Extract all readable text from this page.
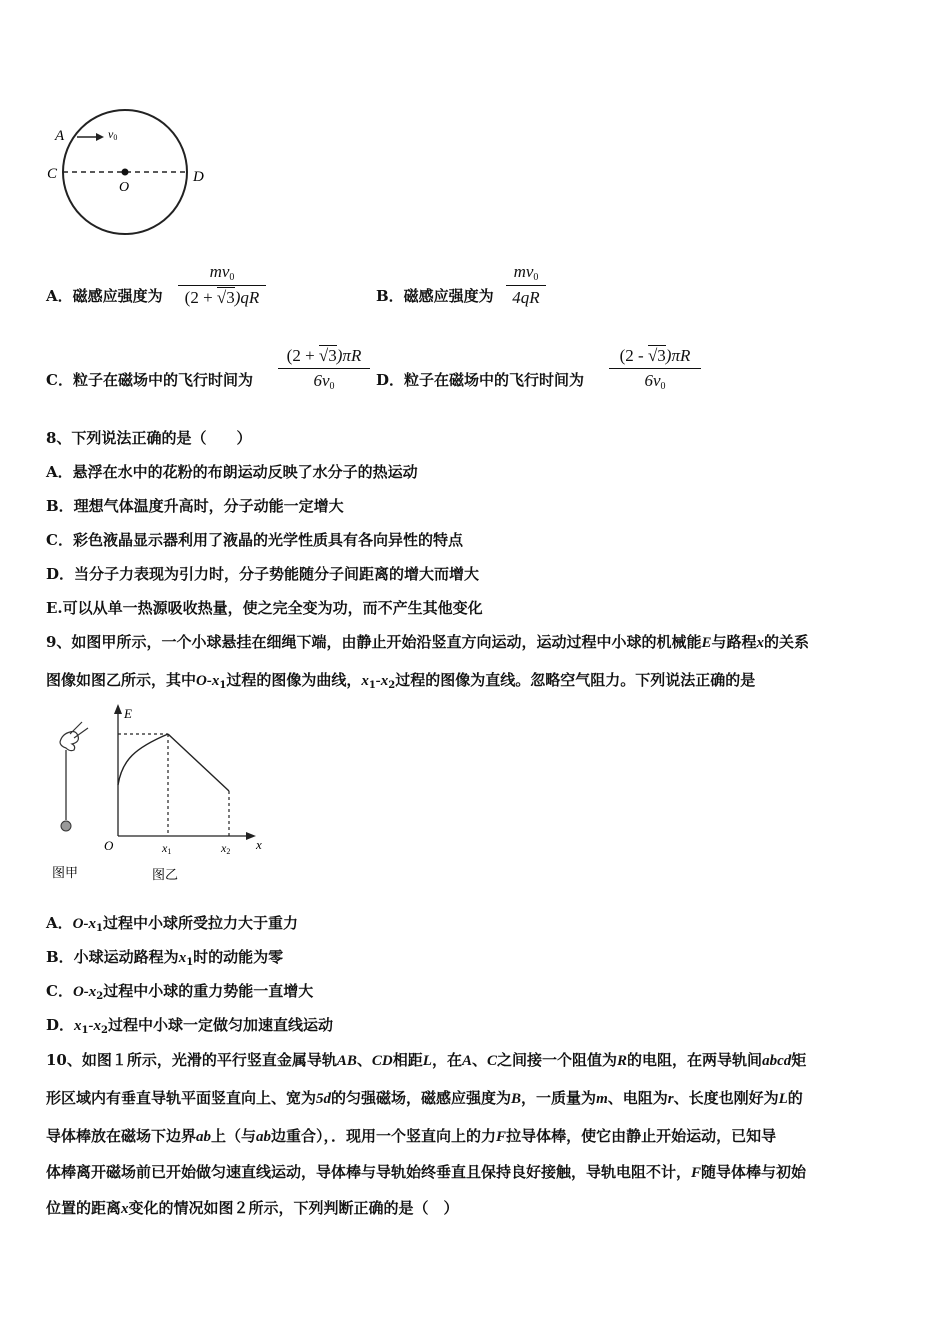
A	v0
C
O
D
A．磁感应强度为
$mv_0$
(2 + √3)qR	B．磁感应强度为
$mv_0$
4qR
C．粒子在磁场中的飞行时间为
(2 + √3)πR
$6v_0$	D．粒子在磁场中的飞行时间为
(2 - √3)πR
$6v_0$
8、下列说法正确的是（　　）
A．悬浮在水中的花粉的布朗运动反映了水分子的热运动
B．理想气体温度升高时，分子动能一定增大
C．彩色液晶显示器利用了液晶的光学性质具有各向异性的特点
D．当分子力表现为引力时，分子势能随分子间距离的增大而增大
E.可以从单一热源吸收热量，使之完全变为功，而不产生其他变化
9、如图甲所示，一个小球悬挂在细绳下端，由静止开始沿竖直方向运动，运动过程中小球的机械能E与路程x的关系
图像如图乙所示，其中$O-x_1$过程的图像为曲线，$x_1-x_2$过程的图像为直线。忽略空气阻力。下列说法正确的是
图甲
E
x
O	x1	x2
图乙
A．$O-x_1$过程中小球所受拉力大于重力
B．小球运动路程为$x_1$时的动能为零
C．$O-x_2$过程中小球的重力势能一直增大
D．$x_1-x_2$过程中小球一定做匀加速直线运动
10、如图１所示，光滑的平行竖直金属导轨AB、CD相距L，在A、C之间接一个阻值为R的电阻，在两导轨间abcd矩
形区域内有垂直导轨平面竖直向上、宽为5d的匀强磁场，磁感应强度为B，一质量为m、电阻为r、长度也刚好为L的
导体棒放在磁场下边界ab上（与ab边重合），．现用一个竖直向上的力F拉导体棒，使它由静止开始运动，已知导
体棒离开磁场前已开始做匀速直线运动，导体棒与导轨始终垂直且保持良好接触，导轨电阻不计，F随导体棒与初始
位置的距离x变化的情况如图２所示，下列判断正确的是（　）
